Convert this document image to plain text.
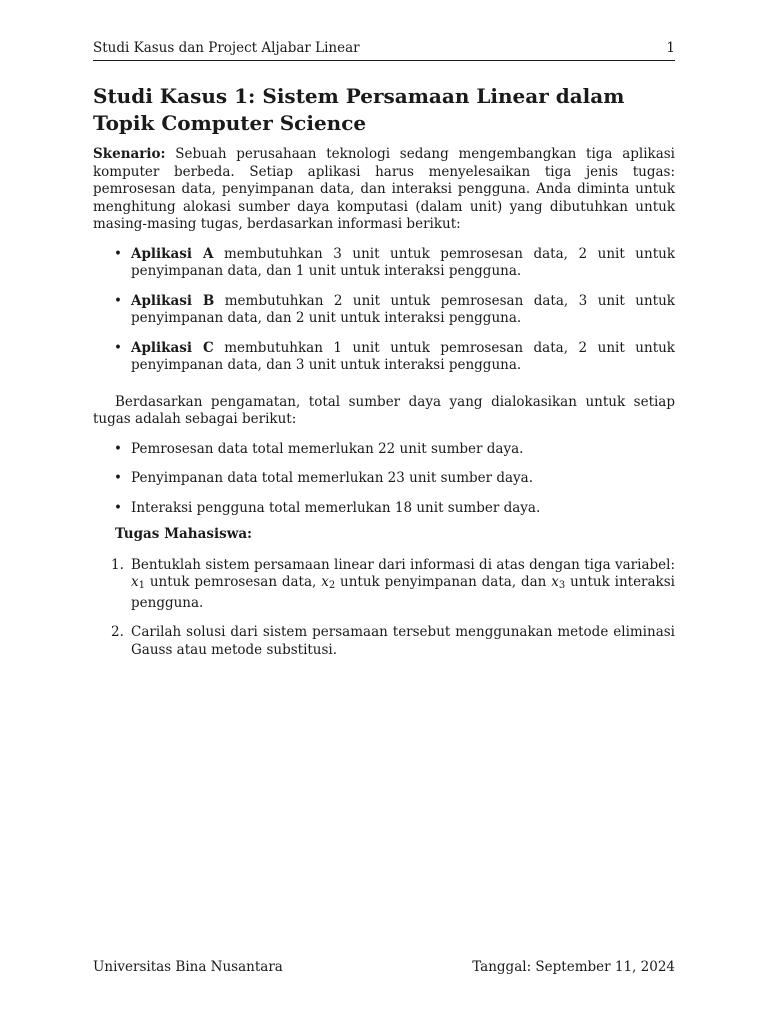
Studi Kasus dan Project Aljabar Linear	1
Studi Kasus 1: Sistem Persamaan Linear dalam Topik Computer Science

Skenario: Sebuah perusahaan teknologi sedang mengembangkan tiga aplikasi komputer berbeda. Setiap aplikasi harus menyelesaikan tiga jenis tugas: pemrosesan data, penyimpanan data, dan interaksi pengguna. Anda diminta untuk menghitung alokasi sumber daya komputasi (dalam unit) yang dibutuhkan untuk masing-masing tugas, berdasarkan informasi berikut:

• Aplikasi A membutuhkan 3 unit untuk pemrosesan data, 2 unit untuk penyimpanan data, dan 1 unit untuk interaksi pengguna.
• Aplikasi B membutuhkan 2 unit untuk pemrosesan data, 3 unit untuk penyimpanan data, dan 2 unit untuk interaksi pengguna.
• Aplikasi C membutuhkan 1 unit untuk pemrosesan data, 2 unit untuk penyimpanan data, dan 3 unit untuk interaksi pengguna.

Berdasarkan pengamatan, total sumber daya yang dialokasikan untuk setiap tugas adalah sebagai berikut:

• Pemrosesan data total memerlukan 22 unit sumber daya.
• Penyimpanan data total memerlukan 23 unit sumber daya.
• Interaksi pengguna total memerlukan 18 unit sumber daya.

Tugas Mahasiswa:

1. Bentuklah sistem persamaan linear dari informasi di atas dengan tiga variabel: $x_1$ untuk pemrosesan data, $x_2$ untuk penyimpanan data, dan $x_3$ untuk interaksi pengguna.
2. Carilah solusi dari sistem persamaan tersebut menggunakan metode eliminasi Gauss atau metode substitusi.
Universitas Bina Nusantara	Tanggal: September 11, 2024
